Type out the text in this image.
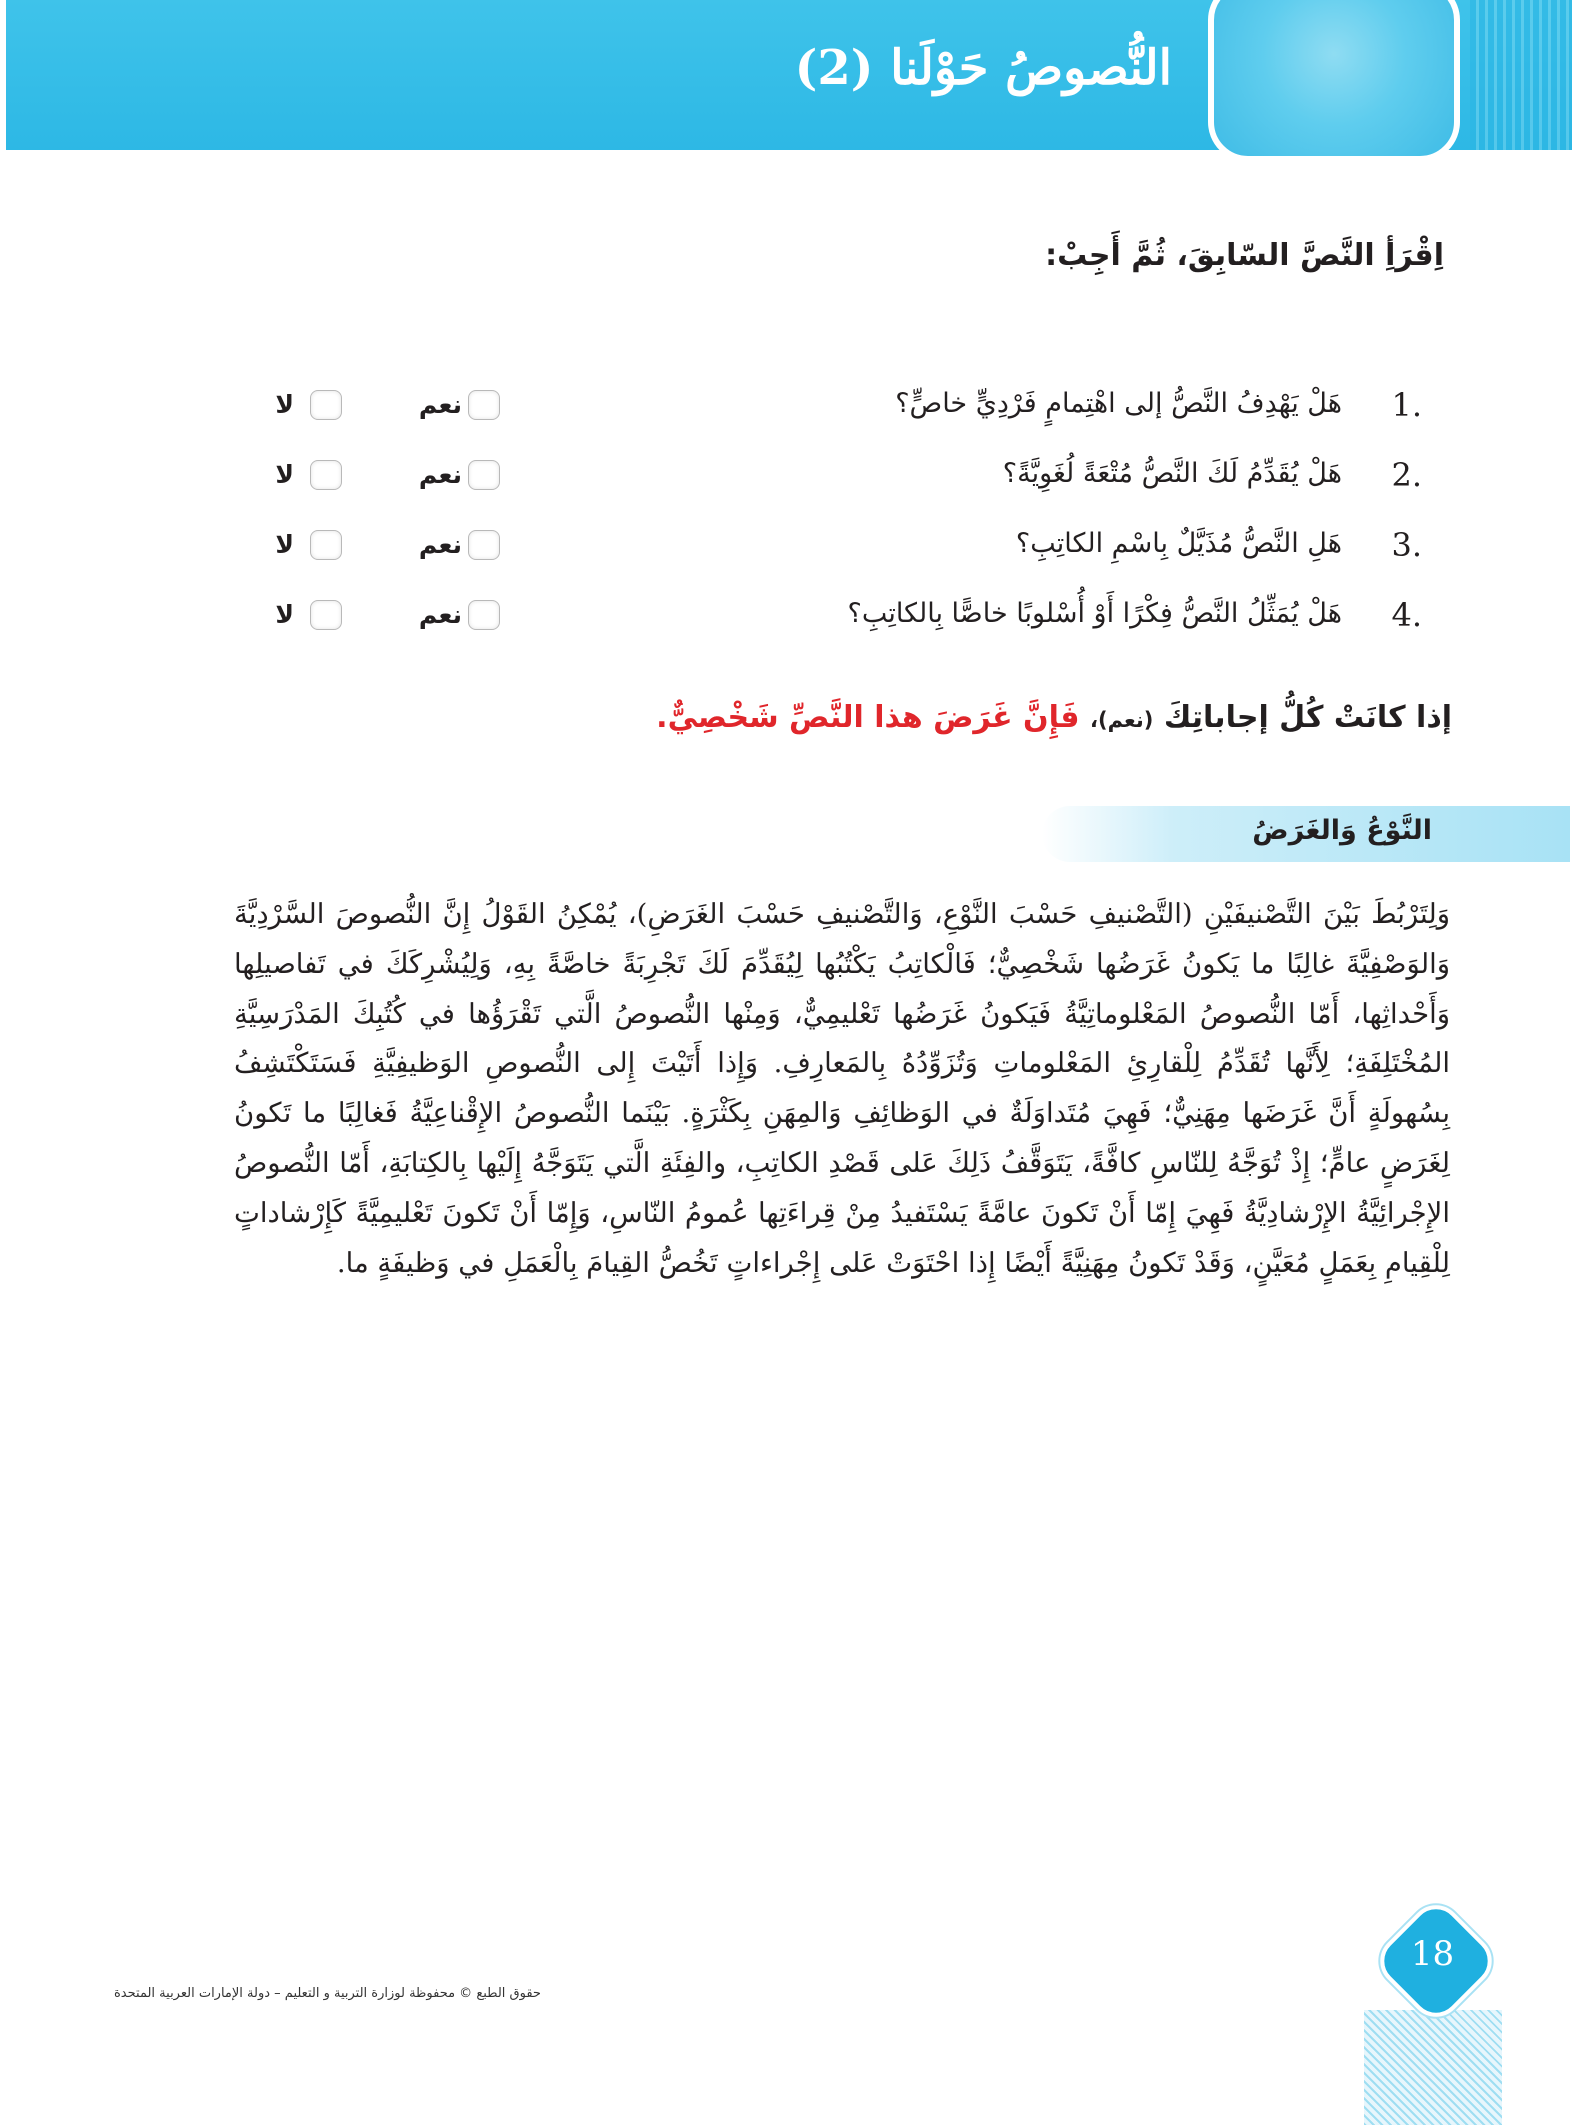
النُّصوصُ حَوْلَنا (2)
اِقْرَأِ النَّصَّ السّابِقَ، ثُمَّ أَجِبْ:
1.
هَلْ يَهْدِفُ النَّصُّ إلى اهْتِمامٍ فَرْدِيٍّ خاصٍّ؟
نعم
لا
2.
هَلْ يُقَدِّمُ لَكَ النَّصُّ مُتْعَةً لُغَوِيَّةً؟
نعم
لا
3.
هَلِ النَّصُّ مُذَيَّلٌ بِاسْمِ الكاتِبِ؟
نعم
لا
4.
هَلْ يُمَثِّلُ النَّصُّ فِكْرًا أَوْ أُسْلوبًا خاصًّا بِالكاتِبِ؟
نعم
لا
إذا كانَتْ كُلُّ إجاباتِكَ (نعم)، فَإِنَّ غَرَضَ هذا النَّصِّ شَخْصِيٌّ.
النَّوْعُ وَالغَرَضُ
وَلِتَرْبُطَ بَيْنَ التَّصْنيفَيْنِ (التَّصْنيفِ حَسْبَ النَّوْعِ، وَالتَّصْنيفِ حَسْبَ الغَرَضِ)، يُمْكِنُ القَوْلُ إِنَّ النُّصوصَ السَّرْدِيَّةَ وَالوَصْفِيَّةَ غالِبًا ما يَكونُ غَرَضُها شَخْصِيٌّ؛ فَالْكاتِبُ يَكْتُبُها لِيُقَدِّمَ لَكَ تَجْرِبَةً خاصَّةً بِهِ، وَلِيُشْرِكَكَ في تَفاصيلِها وَأَحْداثِها، أَمّا النُّصوصُ المَعْلوماتِيَّةُ فَيَكونُ غَرَضُها تَعْليمِيٌّ، وَمِنْها النُّصوصُ الَّتي تَقْرَؤُها في كُتُبِكَ المَدْرَسِيَّةِ المُخْتَلِفَةِ؛ لِأَنَّها تُقَدِّمُ لِلْقارِئِ المَعْلوماتِ وَتُزَوِّدُهُ بِالمَعارِفِ. وَإِذا أَتَيْتَ إِلى النُّصوصِ الوَظيفِيَّةِ فَسَتَكْتَشِفُ بِسُهولَةٍ أَنَّ غَرَضَها مِهَنِيٌّ؛ فَهِيَ مُتَداوَلَةٌ في الوَظائِفِ وَالمِهَنِ بِكَثْرَةٍ. بَيْنَما النُّصوصُ الإِقْناعِيَّةُ فَغالِبًا ما تَكونُ لِغَرَضٍ عامٍّ؛ إِذْ تُوَجَّهُ لِلنّاسِ كافَّةً، يَتَوَقَّفُ ذَلِكَ عَلى قَصْدِ الكاتِبِ، والفِئَةِ الَّتي يَتَوَجَّهُ إِلَيْها بِالكِتابَةِ، أَمّا النُّصوصُ الإِجْرائِيَّةُ الإِرْشادِيَّةُ فَهِيَ إِمّا أَنْ تَكونَ عامَّةً يَسْتَفيدُ مِنْ قِراءَتِها عُمومُ النّاسِ، وَإِمّا أَنْ تَكونَ تَعْليمِيَّةً كَإِرْشاداتٍ لِلْقِيامِ بِعَمَلٍ مُعَيَّنٍ، وَقَدْ تَكونُ مِهَنِيَّةً أَيْضًا إِذا احْتَوَتْ عَلى إِجْراءاتٍ تَخُصُّ القِيامَ بِالْعَمَلِ في وَظيفَةٍ ما.
حقوق الطبع © محفوظة لوزارة التربية و التعليم – دولة الإمارات العربية المتحدة
18
